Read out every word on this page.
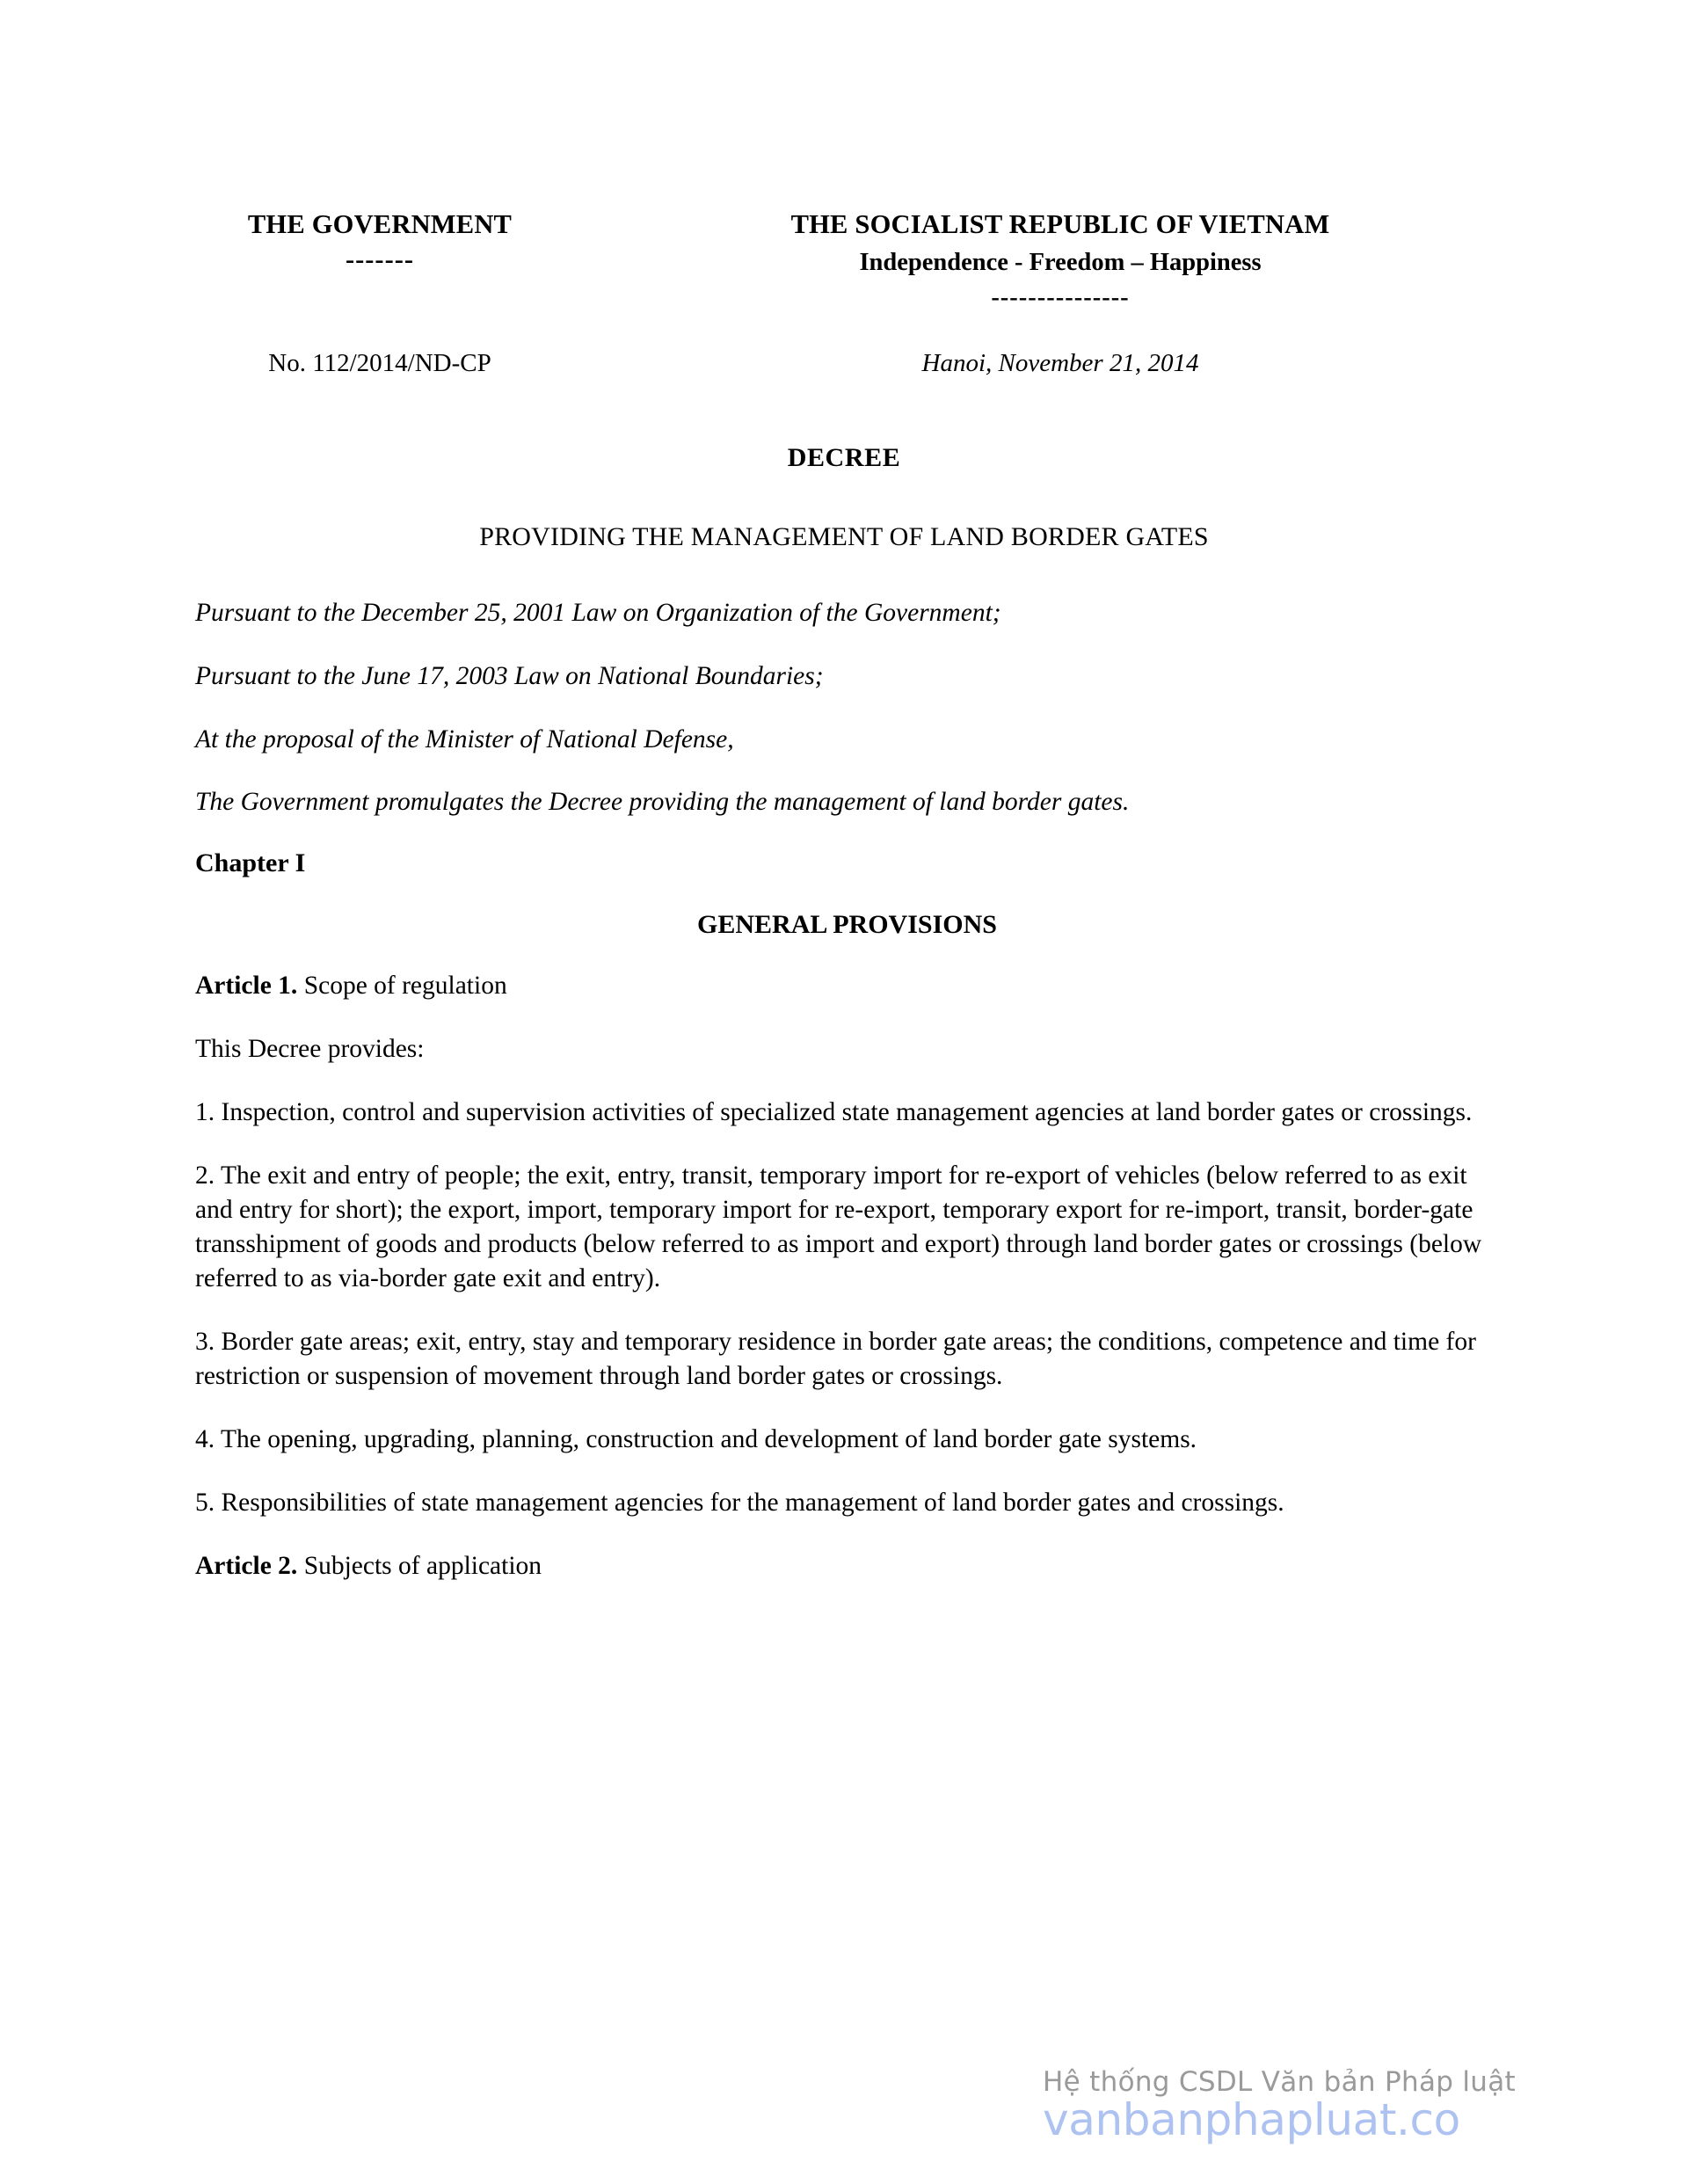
THE GOVERNMENT
-------
THE SOCIALIST REPUBLIC OF VIETNAM
Independence - Freedom – Happiness
---------------
No. 112/2014/ND-CP	Hanoi, November 21, 2014
DECREE
PROVIDING THE MANAGEMENT OF LAND BORDER GATES

Pursuant to the December 25, 2001 Law on Organization of the Government;

Pursuant to the June 17, 2003 Law on National Boundaries;

At the proposal of the Minister of National Defense,

The Government promulgates the Decree providing the management of land border gates.

Chapter I

GENERAL PROVISIONS

Article 1. Scope of regulation

This Decree provides:

1. Inspection, control and supervision activities of specialized state management agencies at land border gates or crossings.

2. The exit and entry of people; the exit, entry, transit, temporary import for re-export of vehicles (below referred to as exit and entry for short); the export, import, temporary import for re-export, temporary export for re-import, transit, border-gate transshipment of goods and products (below referred to as import and export) through land border gates or crossings (below referred to as via-border gate exit and entry).

3. Border gate areas; exit, entry, stay and temporary residence in border gate areas; the conditions, competence and time for restriction or suspension of movement through land border gates or crossings.

4. The opening, upgrading, planning, construction and development of land border gate systems.

5. Responsibilities of state management agencies for the management of land border gates and crossings.

Article 2. Subjects of application

Hệ thống CSDL Văn bản Pháp luật
vanbanphapluat.co
